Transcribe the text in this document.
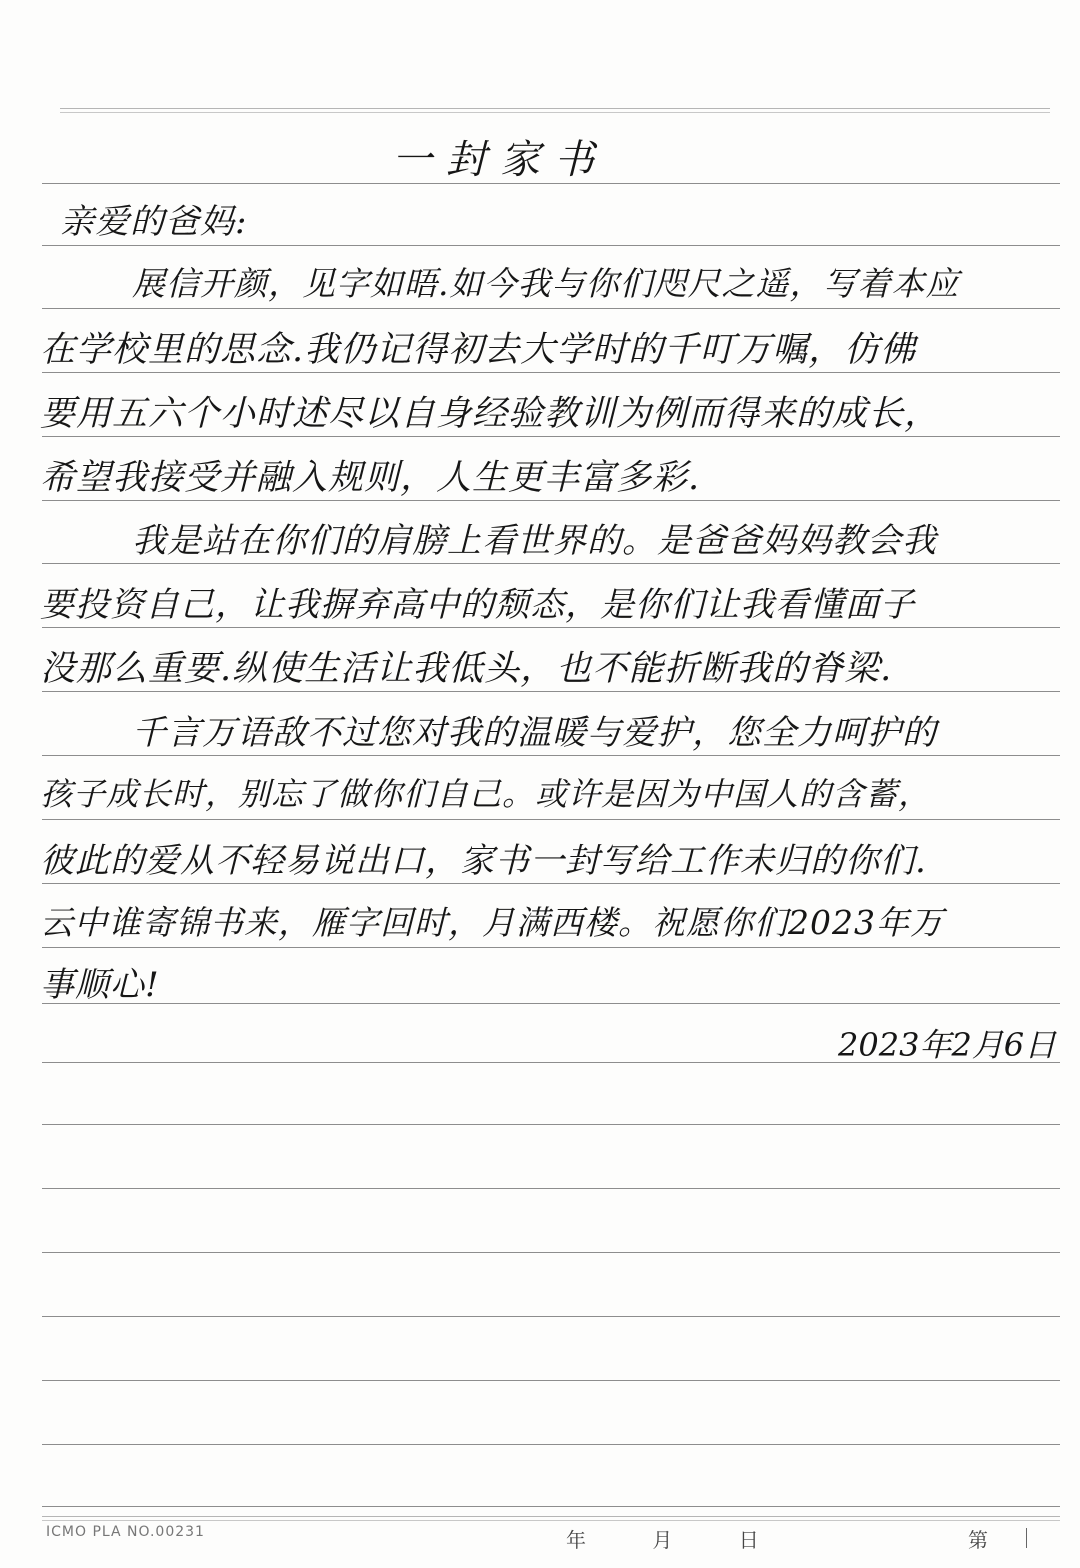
一封家书
亲爱的爸妈:
展信开颜，见字如晤.如今我与你们咫尺之遥，写着本应
在学校里的思念.我仍记得初去大学时的千叮万嘱，仿佛
要用五六个小时述尽以自身经验教训为例而得来的成长，
希望我接受并融入规则，人生更丰富多彩.
我是站在你们的肩膀上看世界的。是爸爸妈妈教会我
要投资自己，让我摒弃高中的颓态，是你们让我看懂面子
没那么重要.纵使生活让我低头，也不能折断我的脊梁.
千言万语敌不过您对我的温暖与爱护，您全力呵护的
孩子成长时，别忘了做你们自己。或许是因为中国人的含蓄，
彼此的爱从不轻易说出口，家书一封写给工作未归的你们.
云中谁寄锦书来，雁字回时，月满西楼。祝愿你们2023年万
事顺心!
2023年2月6日
ICMO PLA NO.00231	年 月 日	第
